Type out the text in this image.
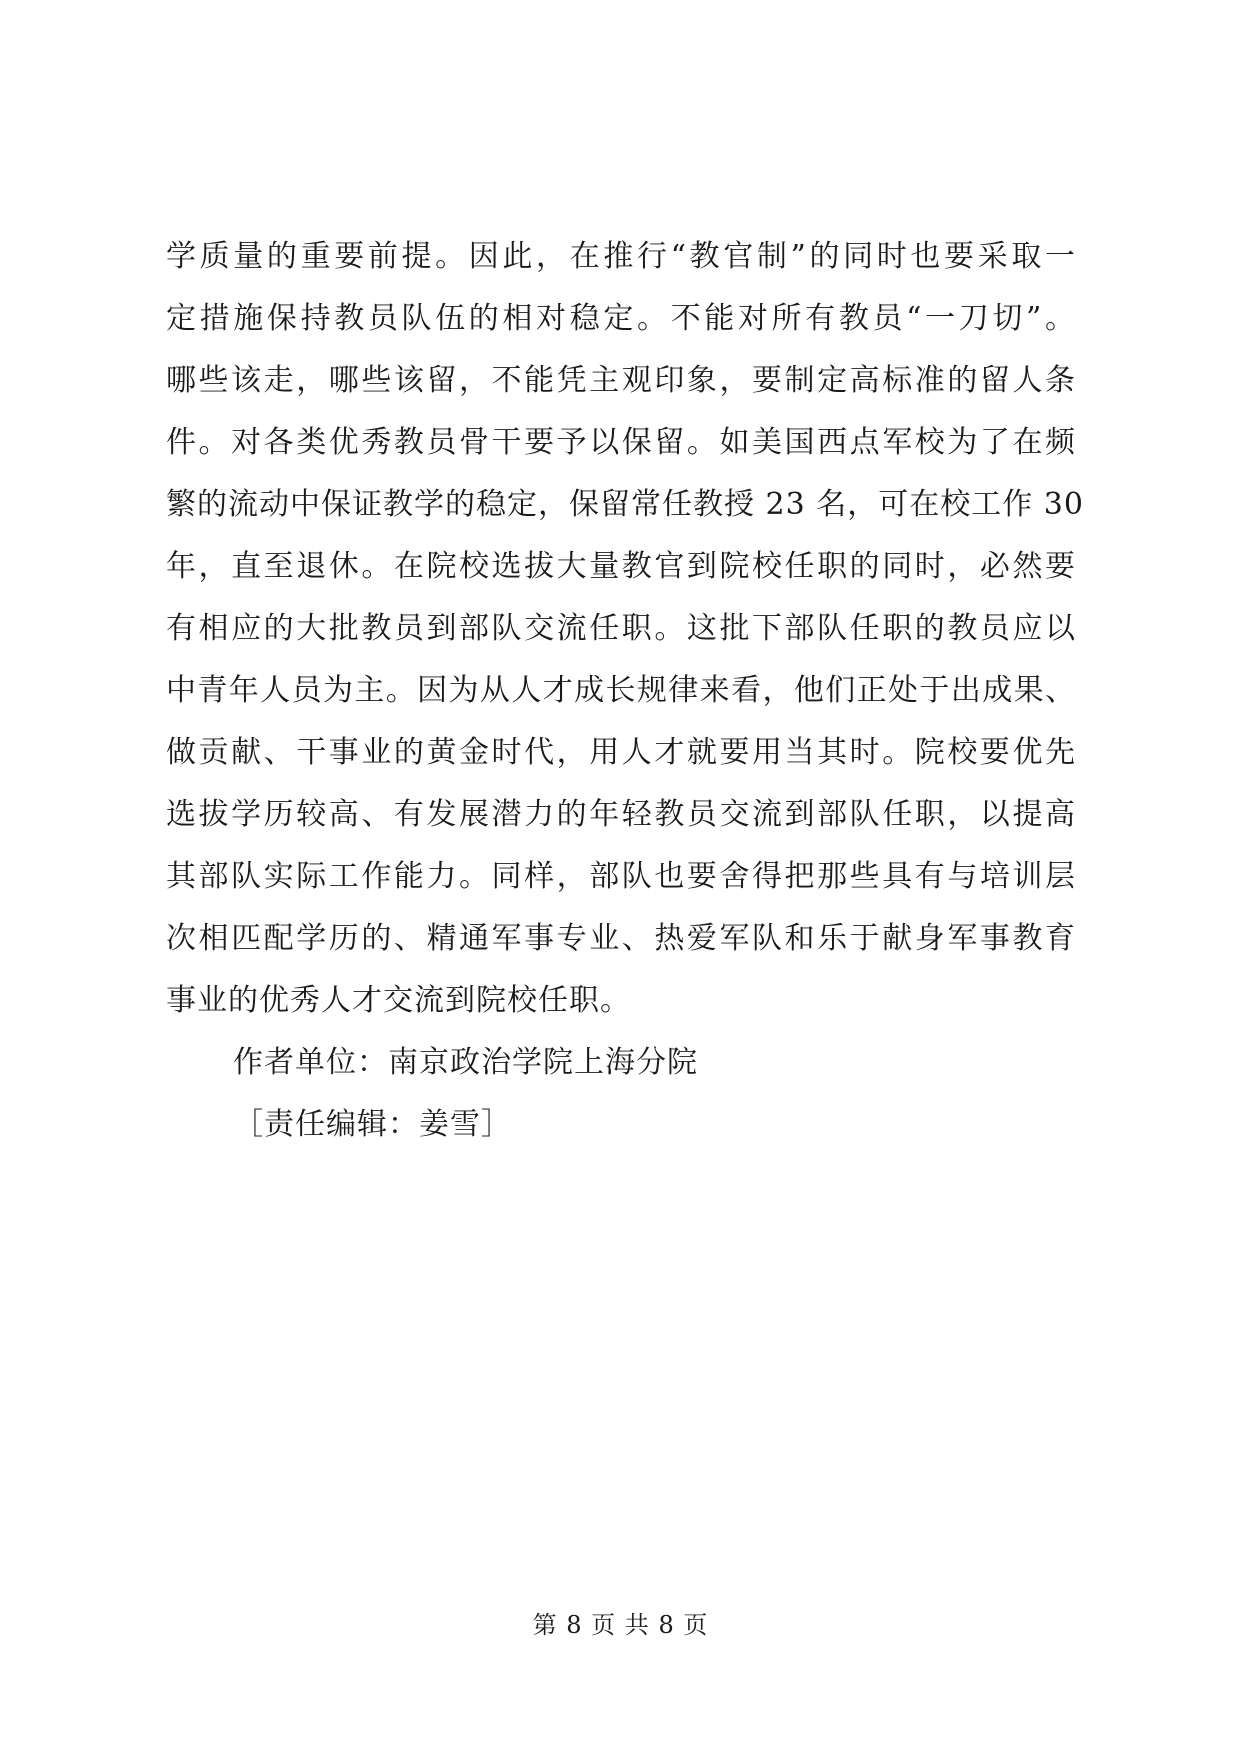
学质量的重要前提。因此，在推行“教官制”的同时也要采取一
定措施保持教员队伍的相对稳定。不能对所有教员“一刀切”。
哪些该走，哪些该留，不能凭主观印象，要制定高标准的留人条
件。对各类优秀教员骨干要予以保留。如美国西点军校为了在频
繁的流动中保证教学的稳定，保留常任教授 23 名，可在校工作 30
年，直至退休。在院校选拔大量教官到院校任职的同时，必然要
有相应的大批教员到部队交流任职。这批下部队任职的教员应以
中青年人员为主。因为从人才成长规律来看，他们正处于出成果、
做贡献、干事业的黄金时代，用人才就要用当其时。院校要优先
选拔学历较高、有发展潜力的年轻教员交流到部队任职，以提高
其部队实际工作能力。同样，部队也要舍得把那些具有与培训层
次相匹配学历的、精通军事专业、热爱军队和乐于献身军事教育
事业的优秀人才交流到院校任职。
作者单位：南京政治学院上海分院
［责任编辑：姜雪］
第 8 页 共 8 页
